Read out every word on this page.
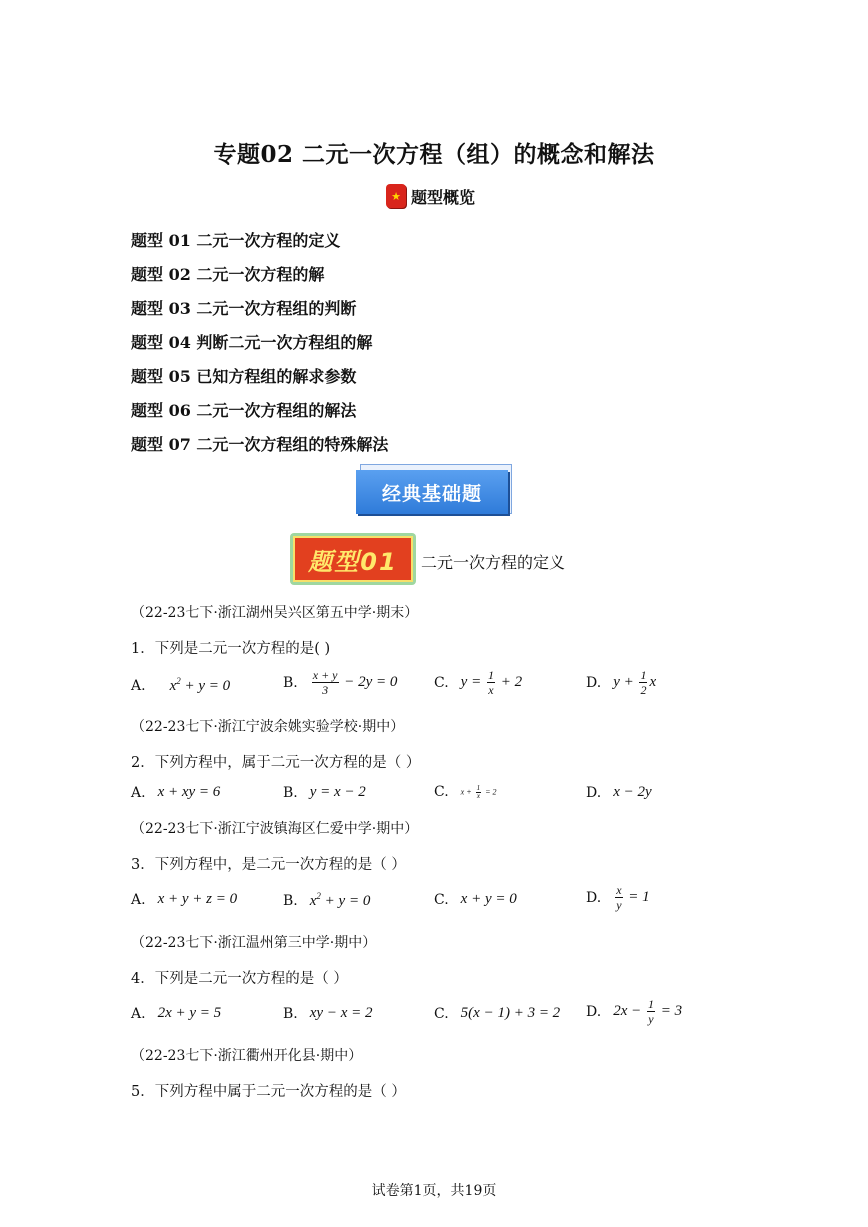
专题02 二元一次方程（组）的概念和解法
★ 题型概览
题型 01 二元一次方程的定义
题型 02 二元一次方程的解
题型 03 二元一次方程组的判断
题型 04 判断二元一次方程组的解
题型 05 已知方程组的解求参数
题型 06 二元一次方程组的解法
题型 07 二元一次方程组的特殊解法
经典基础题
题型01	二元一次方程的定义
（22-23七下·浙江湖州吴兴区第五中学·期末）
1．下列是二元一次方程的是( )
A. $x^2 + y = 0$	B. $\frac{x + y}{3} - 2y = 0$	C. $y = \frac{1}{x} + 2$	D. $y + \frac{1}{2}$ x
（22-23七下·浙江宁波余姚实验学校·期中）
2．下列方程中，属于二元一次方程的是（ ）
A. x + xy = 6	B. y = x − 2	C. $x + \frac{1}{x} = 2$	D. x − 2y
（22-23七下·浙江宁波镇海区仁爱中学·期中）
3．下列方程中，是二元一次方程的是（ ）
A. x + y + z = 0	B. $x^2 + y = 0$	C. x + y = 0	D. $\frac{x}{y} = 1$
（22-23七下·浙江温州第三中学·期中）
4．下列是二元一次方程的是（ ）
A. 2x + y = 5	B. xy − x = 2	C. 5(x − 1) + 3 = 2 D. $2x - \frac{1}{y} = 3$
（22-23七下·浙江衢州开化县·期中）
5．下列方程中属于二元一次方程的是（ ）
试卷第1页，共19页
